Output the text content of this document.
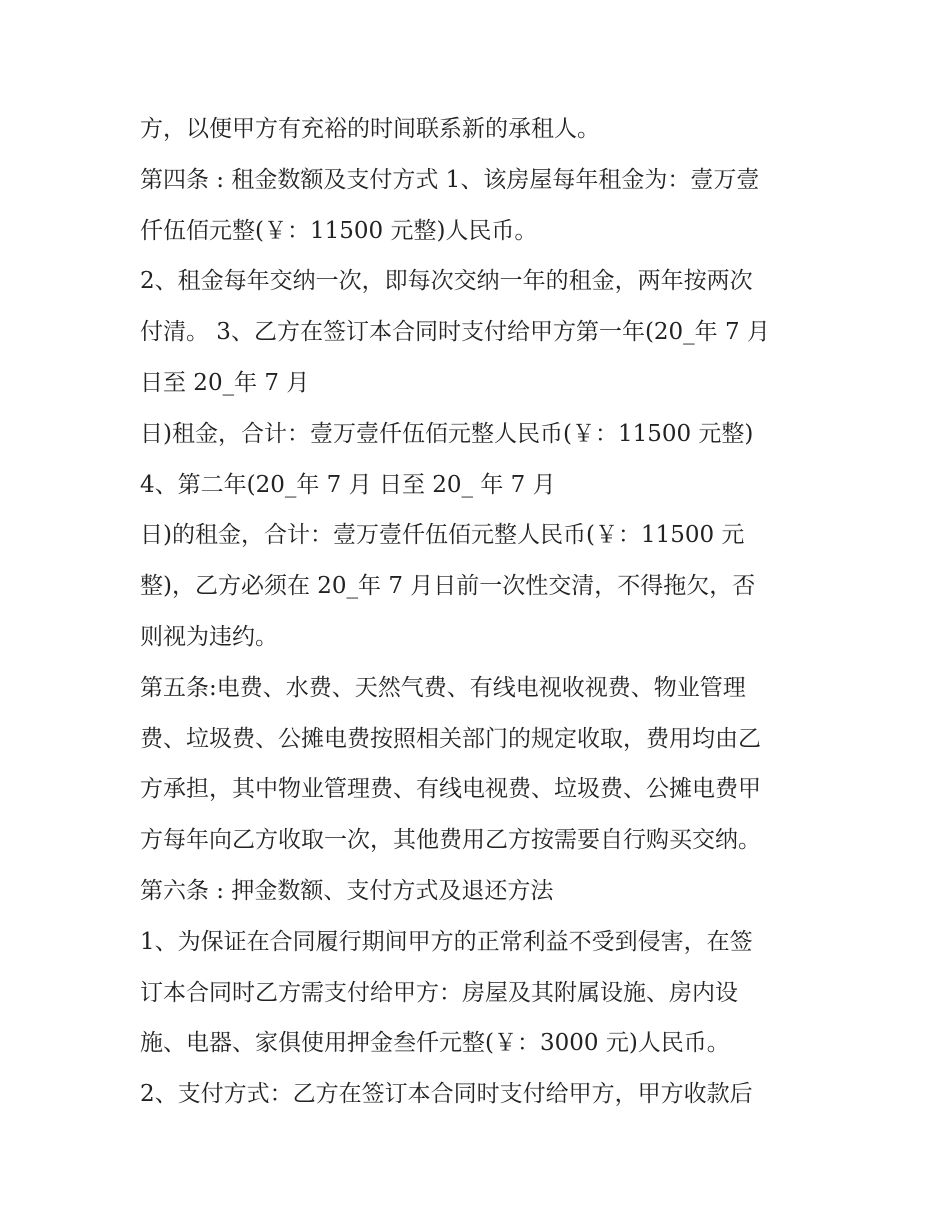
方，以便甲方有充裕的时间联系新的承租人。
第四条 : 租金数额及支付方式 1、该房屋每年租金为：壹万壹
仟伍佰元整(￥：11500 元整)人民币。
2、租金每年交纳一次，即每次交纳一年的租金，两年按两次
付清。 3、乙方在签订本合同时支付给甲方第一年(20_年 7 月
日至 20_年 7 月
日)租金，合计：壹万壹仟伍佰元整人民币(￥：11500 元整)
4、第二年(20_年 7 月 日至 20_ 年 7 月
日)的租金，合计：壹万壹仟伍佰元整人民币(￥：11500 元
整)，乙方必须在 20_年 7 月日前一次性交清，不得拖欠，否
则视为违约。
第五条:电费、水费、天然气费、有线电视收视费、物业管理
费、垃圾费、公摊电费按照相关部门的规定收取，费用均由乙
方承担，其中物业管理费、有线电视费、垃圾费、公摊电费甲
方每年向乙方收取一次，其他费用乙方按需要自行购买交纳。
第六条 : 押金数额、支付方式及退还方法
1、为保证在合同履行期间甲方的正常利益不受到侵害，在签
订本合同时乙方需支付给甲方：房屋及其附属设施、房内设
施、电器、家俱使用押金叁仟元整(￥：3000 元)人民币。
2、支付方式：乙方在签订本合同时支付给甲方，甲方收款后
